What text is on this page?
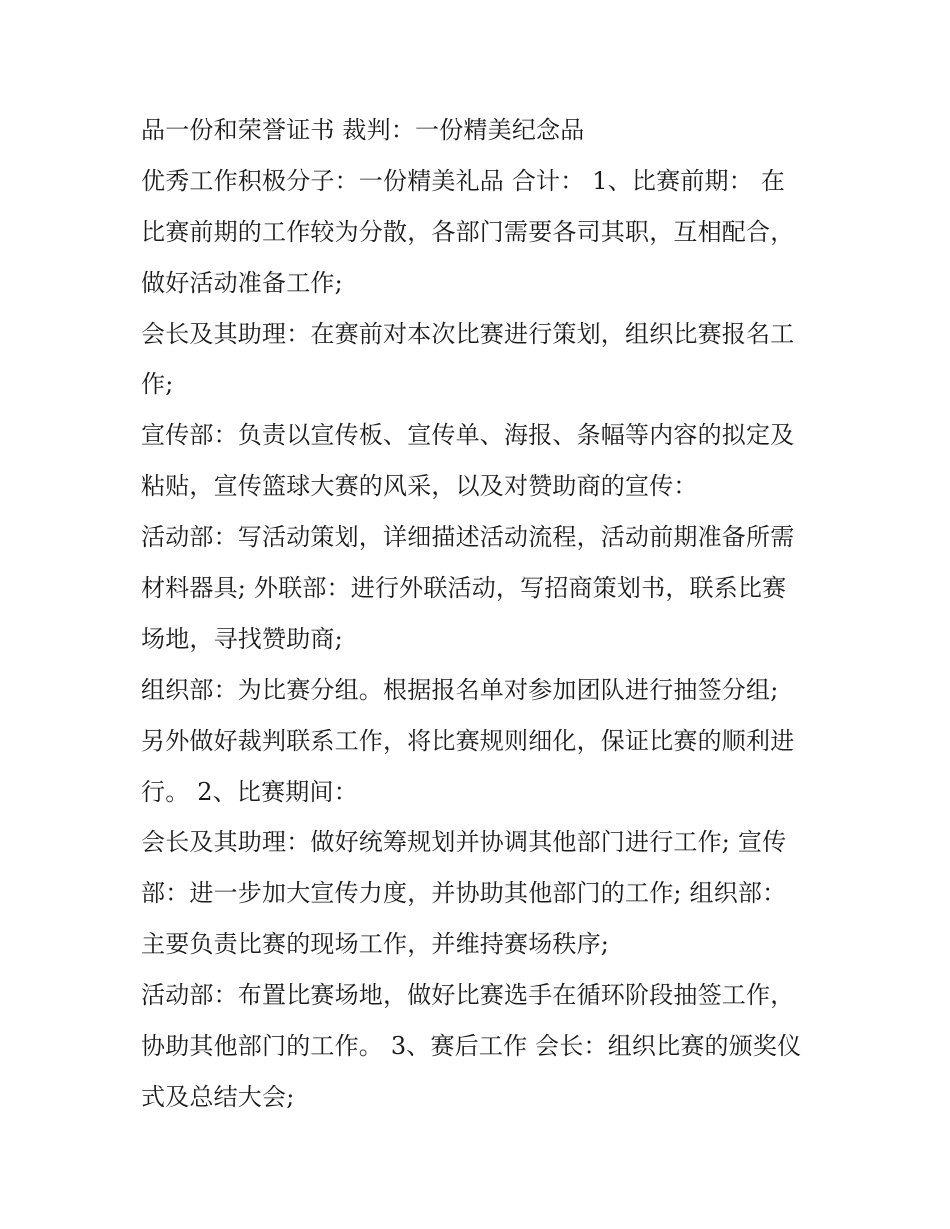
品一份和荣誉证书 裁判：一份精美纪念品

优秀工作积极分子：一份精美礼品 合计： 1、比赛前期： 在

比赛前期的工作较为分散，各部门需要各司其职，互相配合，

做好活动准备工作;

会长及其助理：在赛前对本次比赛进行策划，组织比赛报名工

作;

宣传部：负责以宣传板、宣传单、海报、条幅等内容的拟定及

粘贴，宣传篮球大赛的风采，以及对赞助商的宣传：

活动部：写活动策划，详细描述活动流程，活动前期准备所需

材料器具; 外联部：进行外联活动，写招商策划书，联系比赛

场地，寻找赞助商;

组织部：为比赛分组。根据报名单对参加团队进行抽签分组;

另外做好裁判联系工作，将比赛规则细化，保证比赛的顺利进

行。 2、比赛期间：

会长及其助理：做好统筹规划并协调其他部门进行工作; 宣传

部：进一步加大宣传力度，并协助其他部门的工作; 组织部：

主要负责比赛的现场工作，并维持赛场秩序;

活动部：布置比赛场地，做好比赛选手在循环阶段抽签工作，

协助其他部门的工作。 3、赛后工作 会长：组织比赛的颁奖仪

式及总结大会;
